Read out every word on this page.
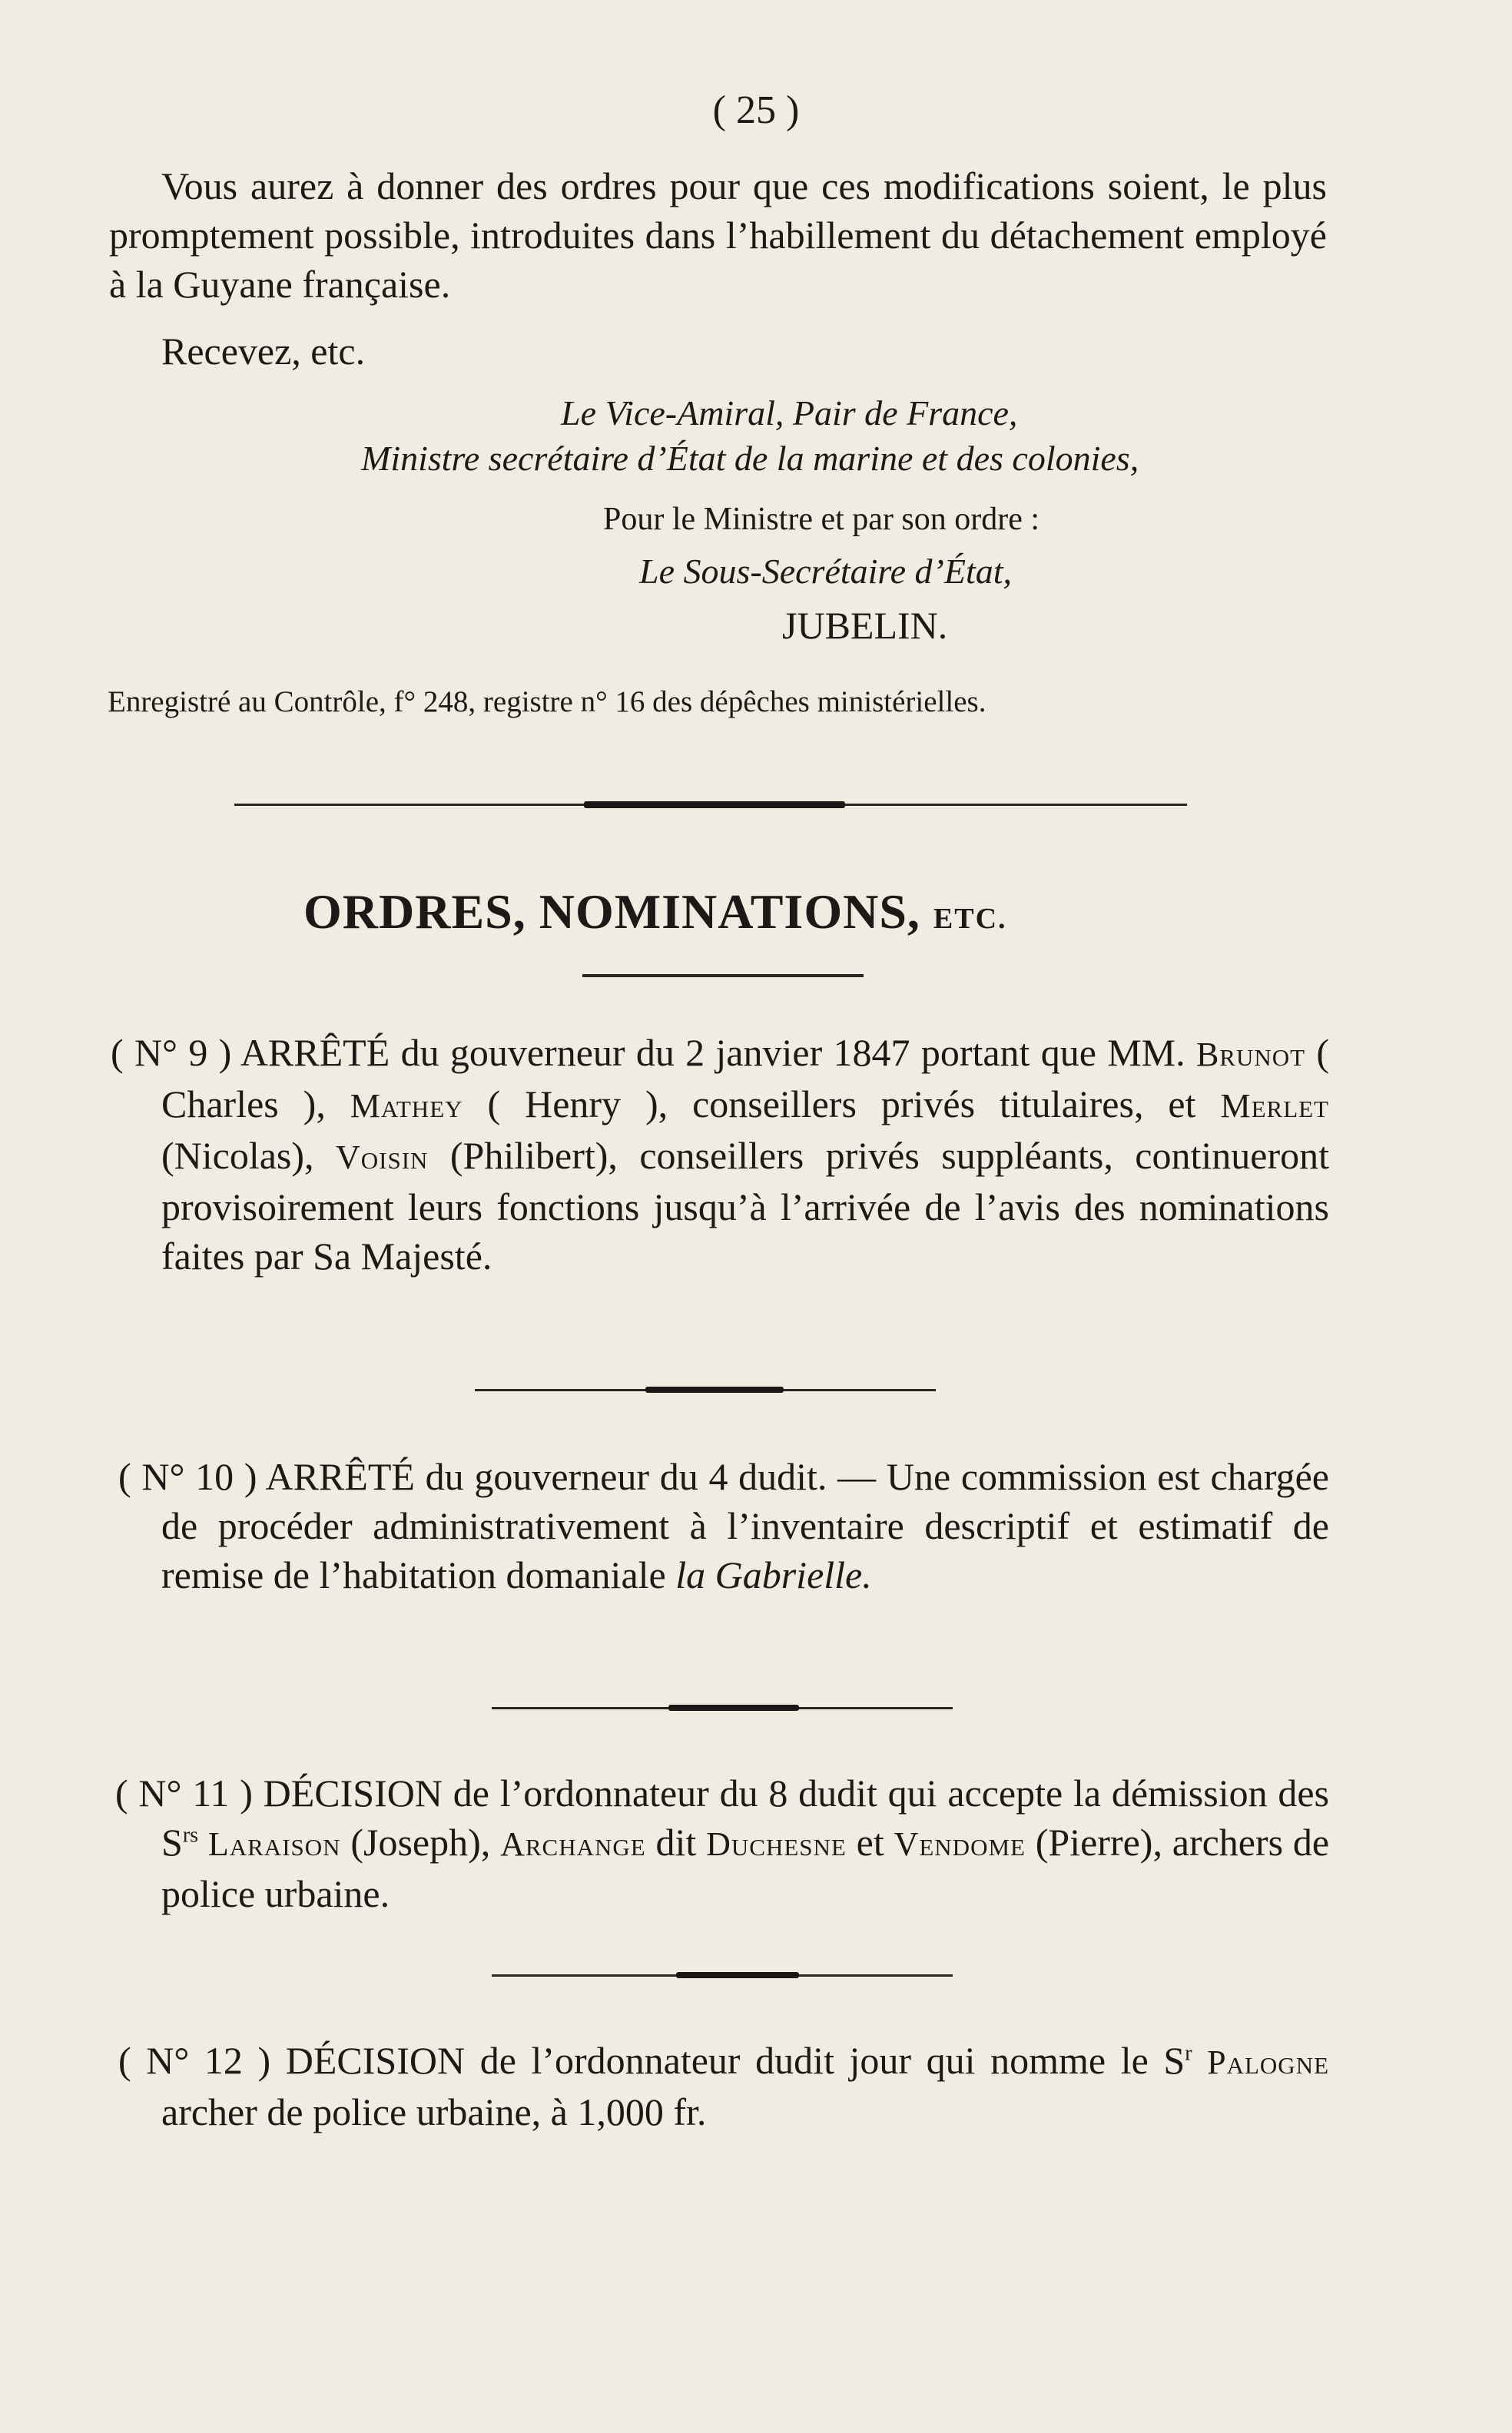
( 25 )

Vous aurez à donner des ordres pour que ces modifications soient, le plus promptement possible, introduites dans l’habillement du détachement employé à la Guyane française.

Recevez, etc.
Le Vice-Amiral, Pair de France,
Ministre secrétaire d’État de la marine et des colonies,
Pour le Ministre et par son ordre :
Le Sous-Secrétaire d’État,
JUBELIN.
Enregistré au Contrôle, f° 248, registre n° 16 des dépêches ministérielles.
ORDRES, NOMINATIONS, ETC.

( N° 9 ) ARRÊTÉ du gouverneur du 2 janvier 1847 portant que MM. Brunot ( Charles ), Mathey ( Henry ), conseillers privés titulaires, et Merlet (Nicolas), Voisin (Philibert), conseillers privés suppléants, continueront provisoirement leurs fonctions jusqu’à l’arrivée de l’avis des nominations faites par Sa Majesté.

( N° 10 ) ARRÊTÉ du gouverneur du 4 dudit. — Une commission est chargée de procéder administrativement à l’inventaire descriptif et estimatif de remise de l’habitation domaniale la Gabrielle.

( N° 11 ) DÉCISION de l’ordonnateur du 8 dudit qui accepte la démission des $S^{rs}$ Laraison (Joseph), Archange dit Duchesne et Vendome (Pierre), archers de police urbaine.

( N° 12 ) DÉCISION de l’ordonnateur dudit jour qui nomme le $S^r$ Palogne archer de police urbaine, à 1,000 fr.
